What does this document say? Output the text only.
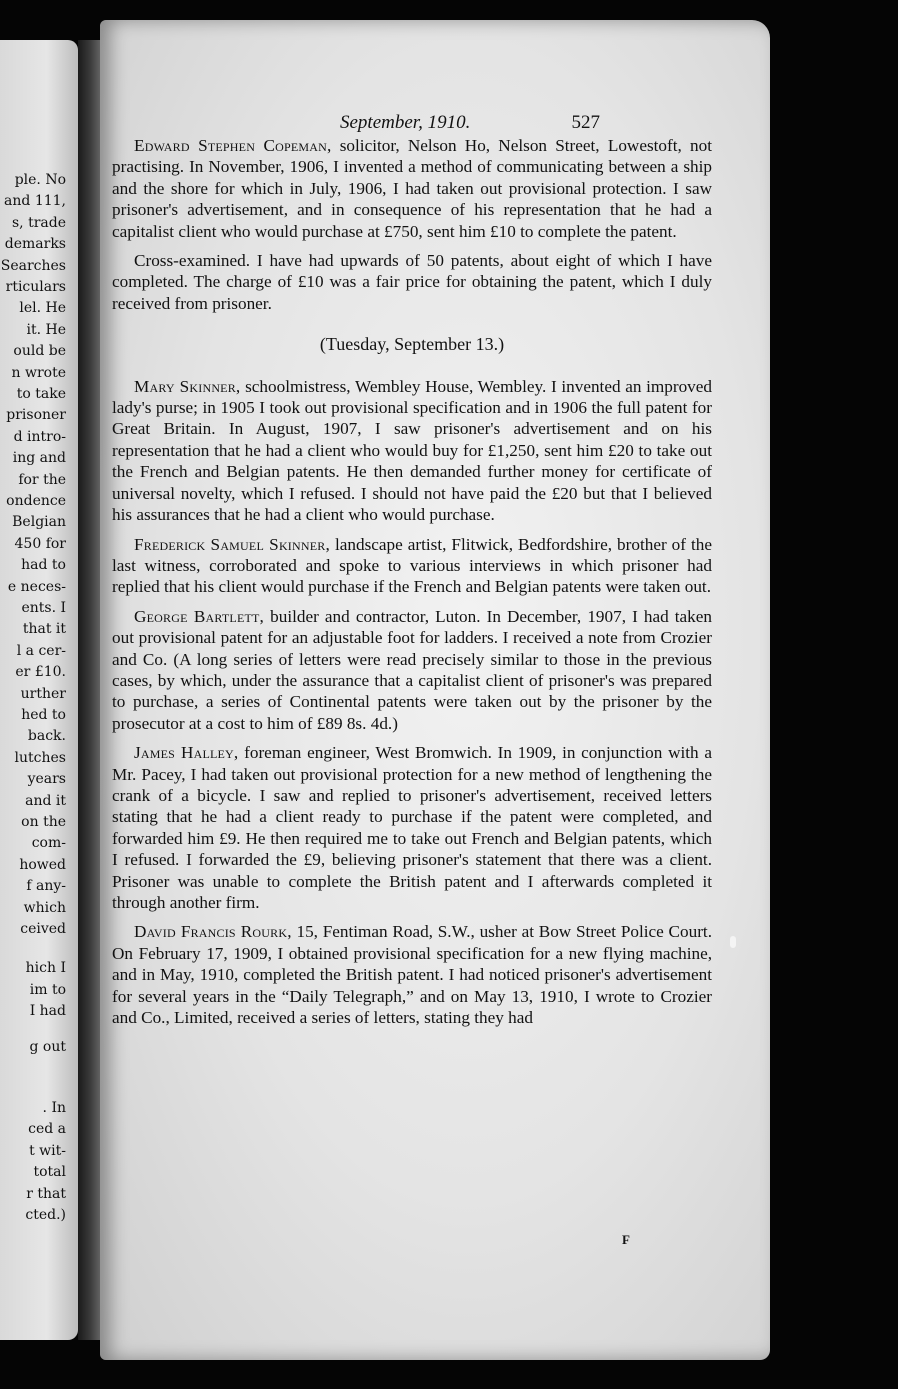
ple. No
and 111,
s, trade
demarks
Searches
rticulars
lel. He
it. He
ould be
n wrote
to take
prisoner
d intro-
ing and
for the
ondence
Belgian
450 for
had to
e neces-
ents. I
that it
l a cer-
er £10.
urther
hed to
back.
lutches
years
and it
on the
com-
howed
f any-
which
ceived
hich I
im to
I had
g out
. In
ced a
t wit-
total
r that
cted.)

Edward Stephen Copeman, solicitor, Nelson Ho, Nelson Street, Lowestoft, not practising. In November, 1906, I invented a method of communicating between a ship and the shore for which in July, 1906, I had taken out provisional protection. I saw prisoner's advertisement, and in consequence of his representation that he had a capitalist client who would purchase at £750, sent him £10 to complete the patent.

Cross-examined. I have had upwards of 50 patents, about eight of which I have completed. The charge of £10 was a fair price for obtaining the patent, which I duly received from prisoner.

(Tuesday, September 13.)

Mary Skinner, schoolmistress, Wembley House, Wembley. I invented an improved lady's purse; in 1905 I took out provisional specification and in 1906 the full patent for Great Britain. In August, 1907, I saw prisoner's advertisement and on his representation that he had a client who would buy for £1,250, sent him £20 to take out the French and Belgian patents. He then demanded further money for certificate of universal novelty, which I refused. I should not have paid the £20 but that I believed his assurances that he had a client who would purchase.

Frederick Samuel Skinner, landscape artist, Flitwick, Bedfordshire, brother of the last witness, corroborated and spoke to various interviews in which prisoner had replied that his client would purchase if the French and Belgian patents were taken out.

George Bartlett, builder and contractor, Luton. In December, 1907, I had taken out provisional patent for an adjustable foot for ladders. I received a note from Crozier and Co. (A long series of letters were read precisely similar to those in the previous cases, by which, under the assurance that a capitalist client of prisoner's was prepared to purchase, a series of Continental patents were taken out by the prisoner by the prosecutor at a cost to him of £89 8s. 4d.)

James Halley, foreman engineer, West Bromwich. In 1909, in conjunction with a Mr. Pacey, I had taken out provisional protection for a new method of lengthening the crank of a bicycle. I saw and replied to prisoner's advertisement, received letters stating that he had a client ready to purchase if the patent were completed, and forwarded him £9. He then required me to take out French and Belgian patents, which I refused. I forwarded the £9, believing prisoner's statement that there was a client. Prisoner was unable to complete the British patent and I afterwards completed it through another firm.

David Francis Rourk, 15, Fentiman Road, S.W., usher at Bow Street Police Court. On February 17, 1909, I obtained provisional specification for a new flying machine, and in May, 1910, completed the British patent. I had noticed prisoner's advertisement for several years in the “Daily Telegraph,” and on May 13, 1910, I wrote to Crozier and Co., Limited, received a series of letters, stating they had

September, 1910.	527
F
